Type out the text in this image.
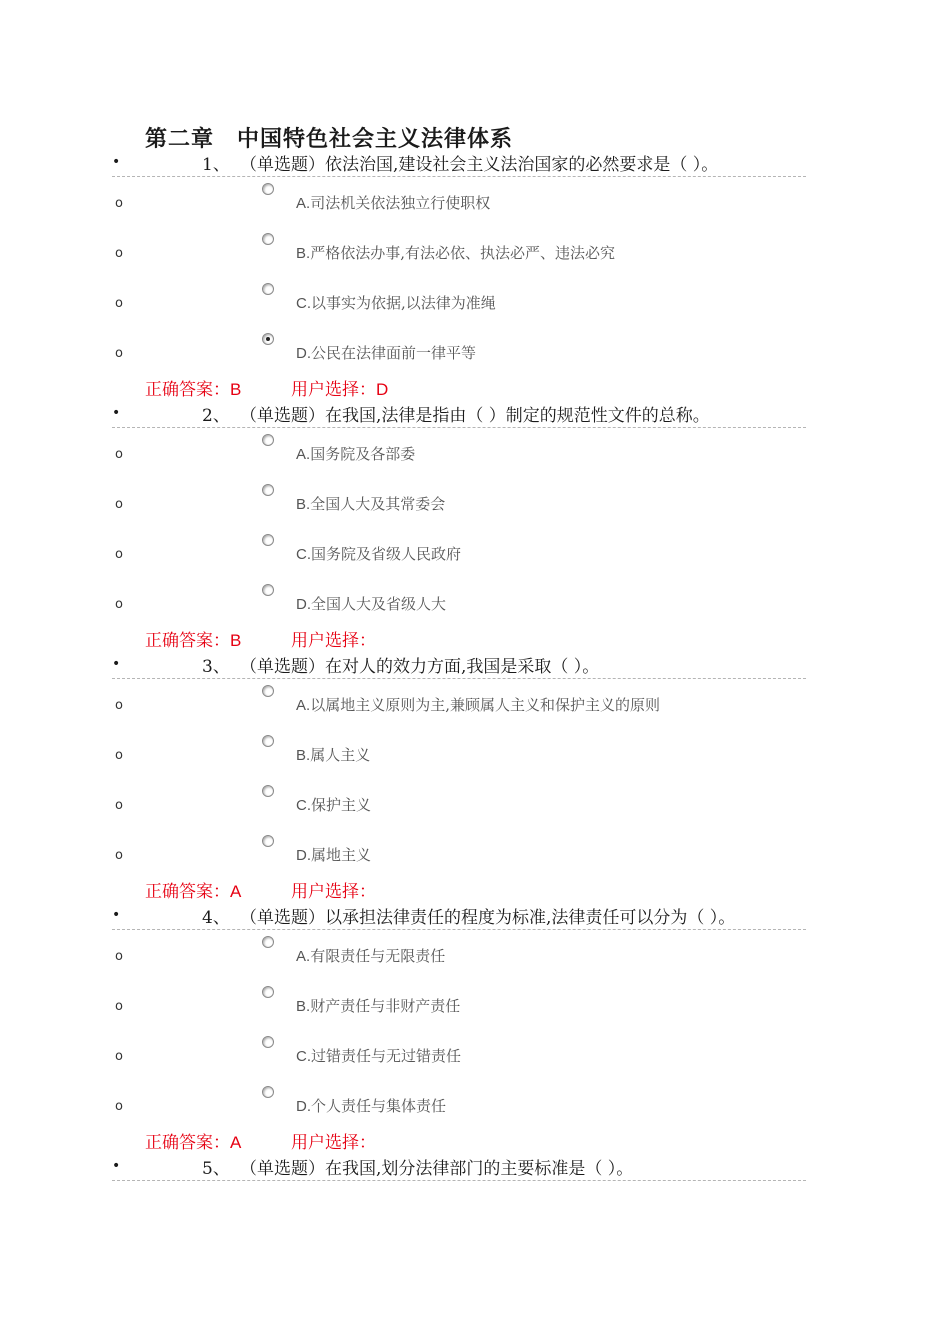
第二章　中国特色社会主义法律体系
•	1、 （单选题）依法治国,建设社会主义法治国家的必然要求是（ ）。
o	A.司法机关依法独立行使职权
o	B.严格依法办事,有法必依、执法必严、违法必究
o	C.以事实为依据,以法律为准绳
o	D.公民在法律面前一律平等
正确答案：B	用户选择：D
•	2、 （单选题）在我国,法律是指由（ ）制定的规范性文件的总称。
o	A.国务院及各部委
o	B.全国人大及其常委会
o	C.国务院及省级人民政府
o	D.全国人大及省级人大
正确答案：B	用户选择：
•	3、 （单选题）在对人的效力方面,我国是采取（ ）。
o	A.以属地主义原则为主,兼顾属人主义和保护主义的原则
o	B.属人主义
o	C.保护主义
o	D.属地主义
正确答案：A	用户选择：
•	4、 （单选题）以承担法律责任的程度为标准,法律责任可以分为（ ）。
o	A.有限责任与无限责任
o	B.财产责任与非财产责任
o	C.过错责任与无过错责任
o	D.个人责任与集体责任
正确答案：A	用户选择：
•	5、 （单选题）在我国,划分法律部门的主要标准是（ ）。
